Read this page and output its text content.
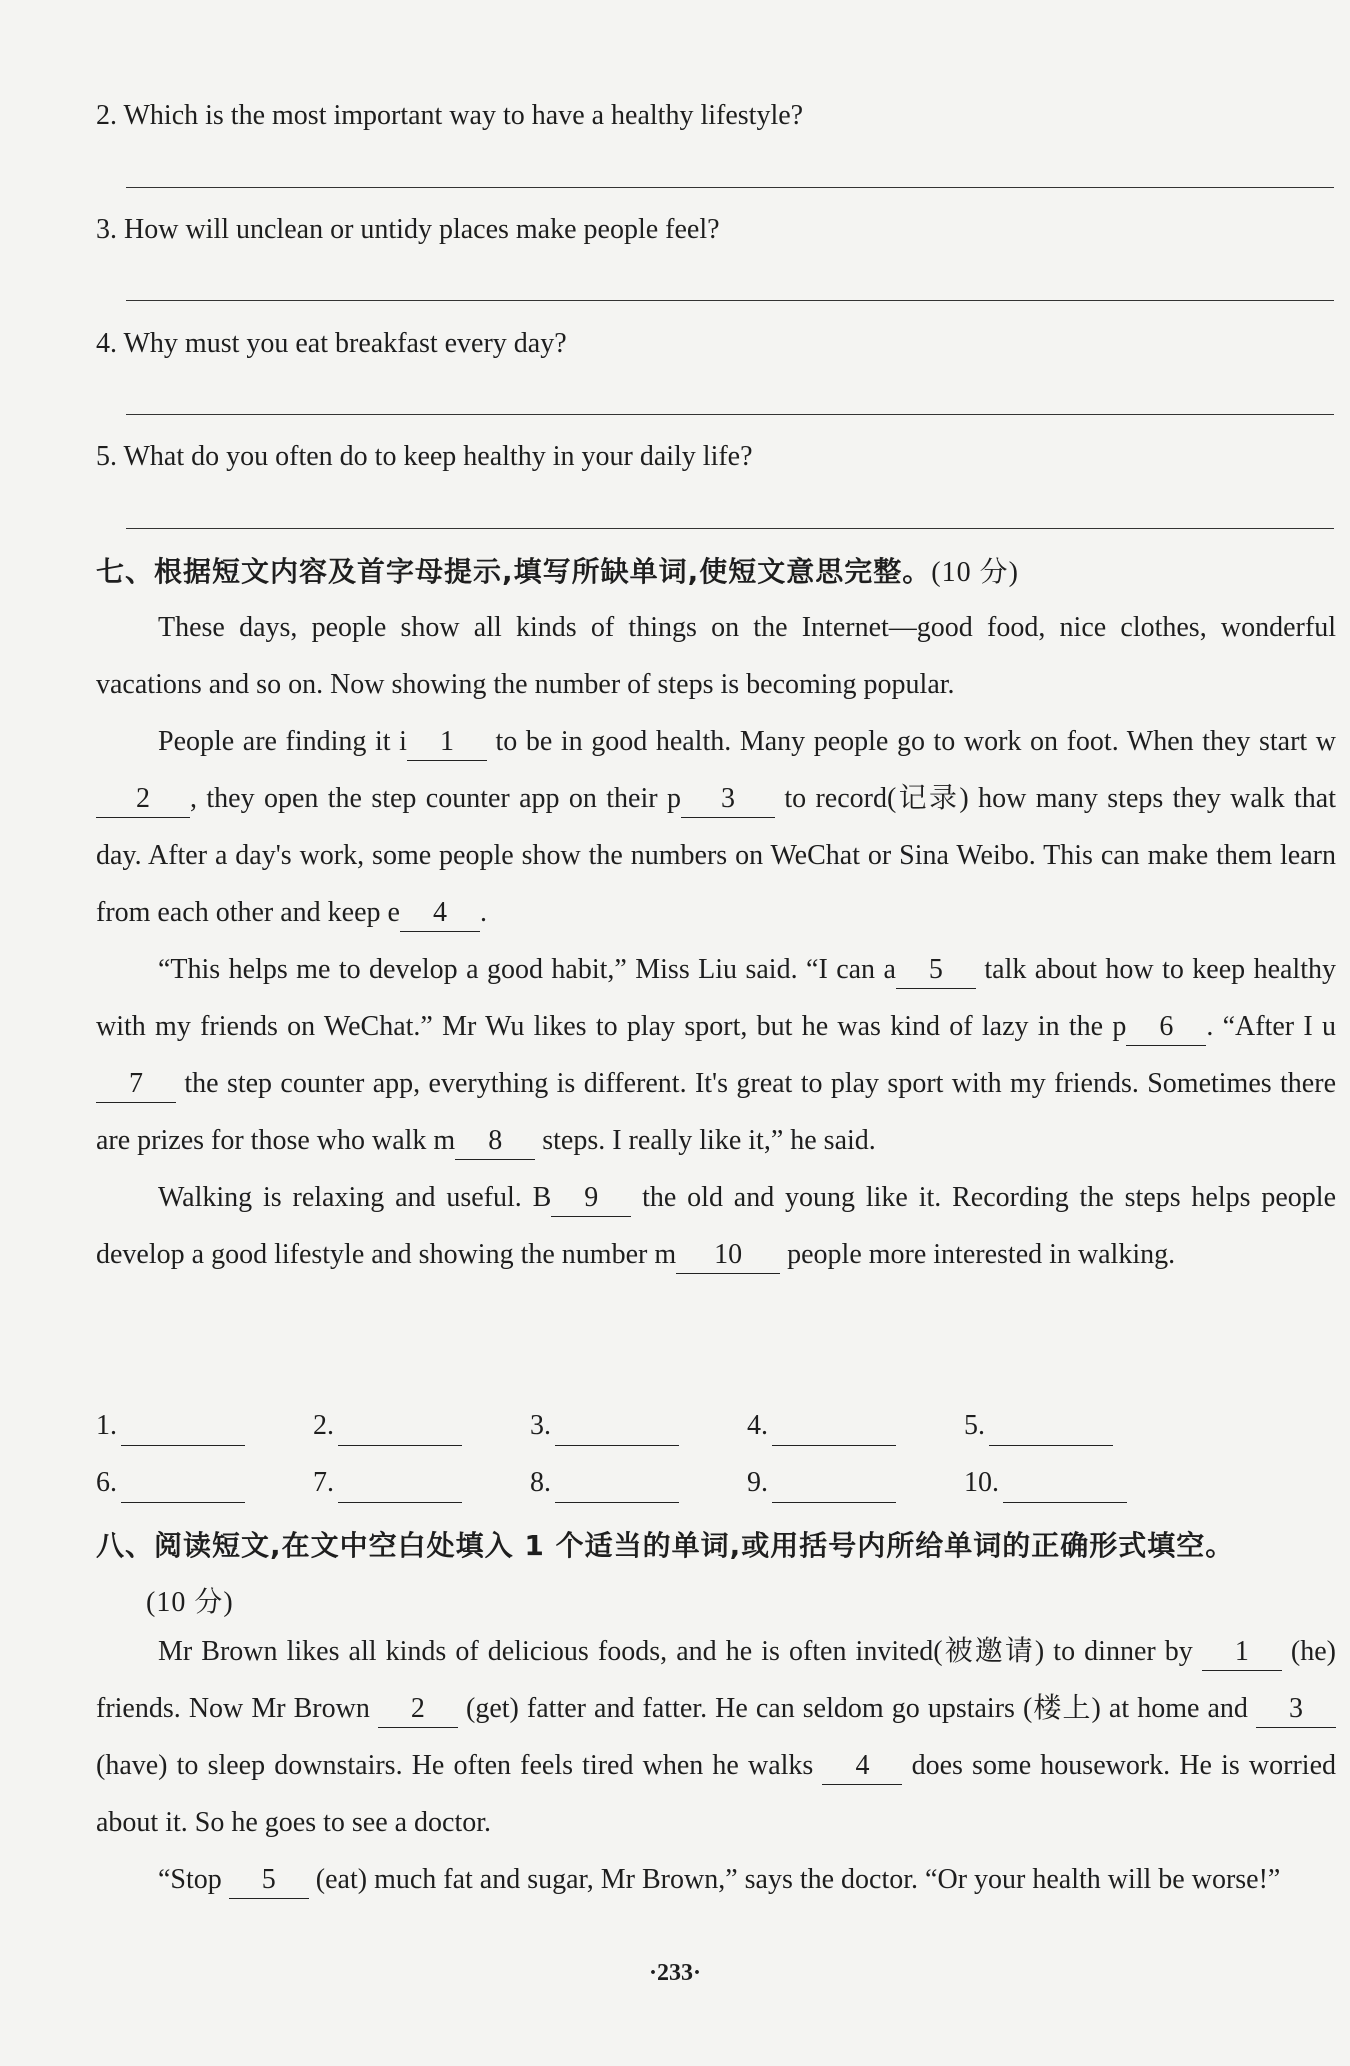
2. Which is the most important way to have a healthy lifestyle?
3. How will unclean or untidy places make people feel?
4. Why must you eat breakfast every day?
5. What do you often do to keep healthy in your daily life?
七、根据短文内容及首字母提示,填写所缺单词,使短文意思完整。(10 分)

These days, people show all kinds of things on the Internet—good food, nice clothes, wonderful vacations and so on. Now showing the number of steps is becoming popular.

People are finding it i 1 to be in good health. Many people go to work on foot. When they start w2 , they open the step counter app on their p 3 to record(记录) how many steps they walk that day. After a day's work, some people show the numbers on WeChat or Sina Weibo. This can make them learn from each other and keep e 4 .

“This helps me to develop a good habit,” Miss Liu said. “I can a 5 talk about how to keep healthy with my friends on WeChat.” Mr Wu likes to play sport, but he was kind of lazy in the p 6 . “After I u7 the step counter app, everything is different. It's great to play sport with my friends. Sometimes there are prizes for those who walk m 8 steps. I really like it,” he said.

Walking is relaxing and useful. B 9 the old and young like it. Recording the steps helps people develop a good lifestyle and showing the number m 10 people more interested in walking.

1.	2.	3.	4.	5.
6.	7.	8.	9.	10.
八、阅读短文,在文中空白处填入 1 个适当的单词,或用括号内所给单词的正确形式填空。
(10 分)

Mr Brown likes all kinds of delicious foods, and he is often invited(被邀请) to dinner by 1 (he) friends. Now Mr Brown 2 (get) fatter and fatter. He can seldom go upstairs (楼上) at home and 3 (have) to sleep downstairs. He often feels tired when he walks 4 does some housework. He is worried about it. So he goes to see a doctor.

“Stop 5 (eat) much fat and sugar, Mr Brown,” says the doctor. “Or your health will be worse!”

·233·
